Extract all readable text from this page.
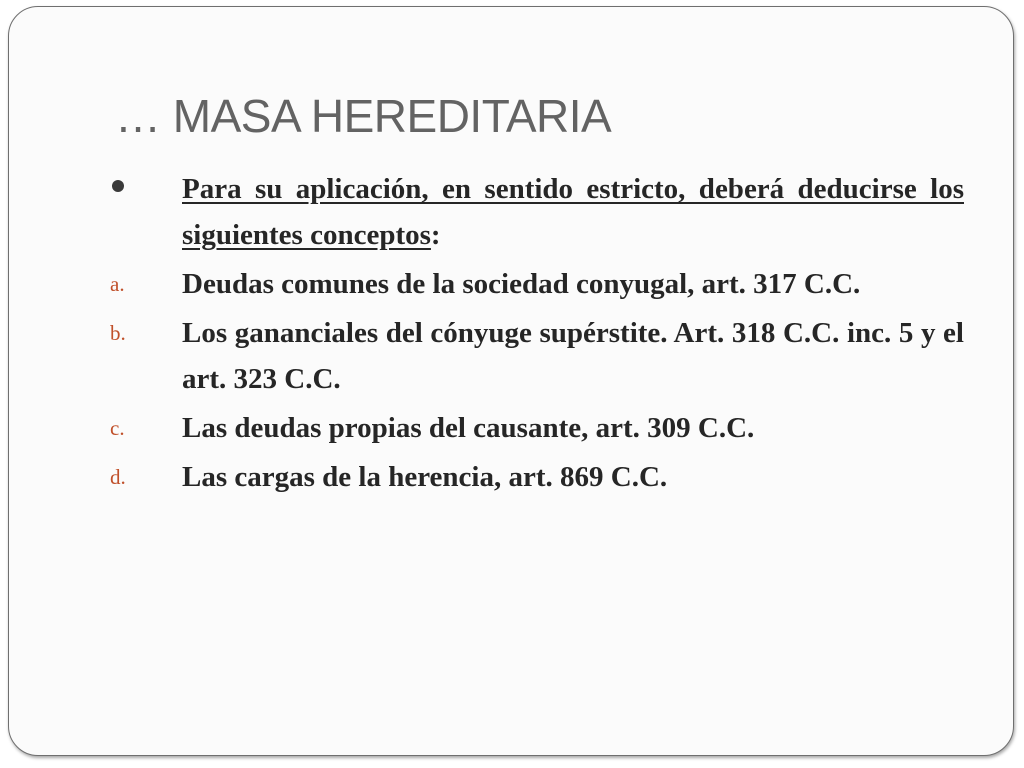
… MASA HEREDITARIA
Para su aplicación, en sentido estricto, deberá deducirse los siguientes conceptos:
a. Deudas comunes de la sociedad conyugal, art. 317 C.C.
b. Los gananciales del cónyuge supérstite. Art. 318 C.C. inc. 5 y el art. 323 C.C.
c. Las deudas propias del causante, art. 309 C.C.
d. Las cargas de la herencia, art. 869 C.C.
